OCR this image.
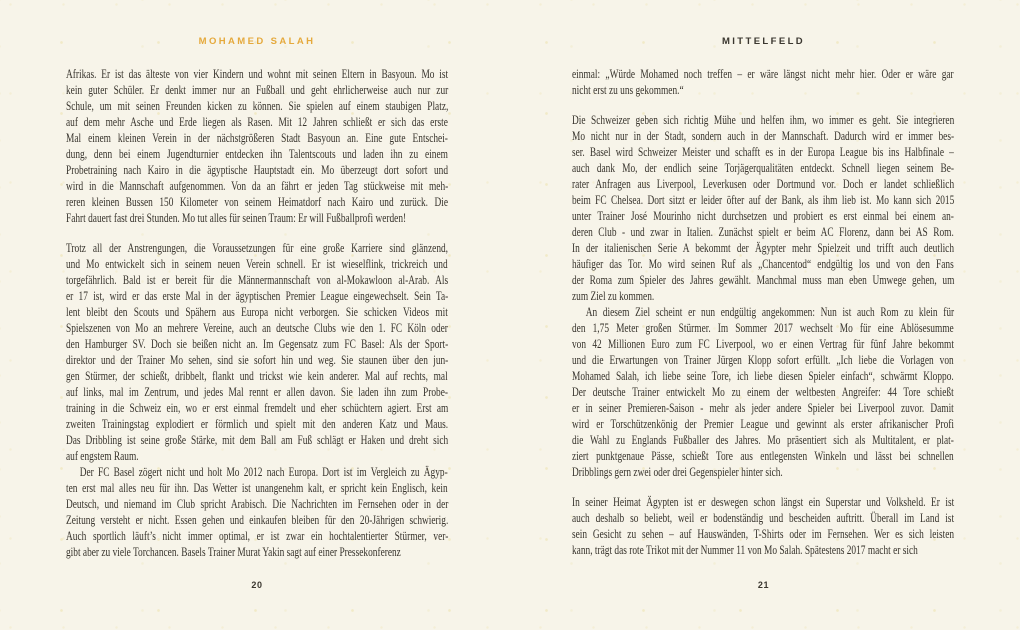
MOHAMED SALAH
Afrikas. Er ist das älteste von vier Kindern und wohnt mit seinen Eltern in Basyoun. Mo ist
kein guter Schüler. Er denkt immer nur an Fußball und geht ehrlicherweise auch nur zur
Schule, um mit seinen Freunden kicken zu können. Sie spielen auf einem staubigen Platz,
auf dem mehr Asche und Erde liegen als Rasen. Mit 12 Jahren schließt er sich das erste
Mal einem kleinen Verein in der nächstgrößeren Stadt Basyoun an. Eine gute Entschei-
dung, denn bei einem Jugendturnier entdecken ihn Talentscouts und laden ihn zu einem
Probetraining nach Kairo in die ägyptische Hauptstadt ein. Mo überzeugt dort sofort und
wird in die Mannschaft aufgenommen. Von da an fährt er jeden Tag stückweise mit meh-
reren kleinen Bussen 150 Kilometer von seinem Heimatdorf nach Kairo und zurück. Die
Fahrt dauert fast drei Stunden. Mo tut alles für seinen Traum: Er will Fußballprofi werden!
Trotz all der Anstrengungen, die Voraussetzungen für eine große Karriere sind glänzend,
und Mo entwickelt sich in seinem neuen Verein schnell. Er ist wieselflink, trickreich und
torgefährlich. Bald ist er bereit für die Männermannschaft von al-Mokawloon al-Arab. Als
er 17 ist, wird er das erste Mal in der ägyptischen Premier League eingewechselt. Sein Ta-
lent bleibt den Scouts und Spähern aus Europa nicht verborgen. Sie schicken Videos mit
Spielszenen von Mo an mehrere Vereine, auch an deutsche Clubs wie den 1. FC Köln oder
den Hamburger SV. Doch sie beißen nicht an. Im Gegensatz zum FC Basel: Als der Sport-
direktor und der Trainer Mo sehen, sind sie sofort hin und weg. Sie staunen über den jun-
gen Stürmer, der schießt, dribbelt, flankt und trickst wie kein anderer. Mal auf rechts, mal
auf links, mal im Zentrum, und jedes Mal rennt er allen davon. Sie laden ihn zum Probe-
training in die Schweiz ein, wo er erst einmal fremdelt und eher schüchtern agiert. Erst am
zweiten Trainingstag explodiert er förmlich und spielt mit den anderen Katz und Maus.
Das Dribbling ist seine große Stärke, mit dem Ball am Fuß schlägt er Haken und dreht sich
auf engstem Raum.
Der FC Basel zögert nicht und holt Mo 2012 nach Europa. Dort ist im Vergleich zu Ägyp-
ten erst mal alles neu für ihn. Das Wetter ist unangenehm kalt, er spricht kein Englisch, kein
Deutsch, und niemand im Club spricht Arabisch. Die Nachrichten im Fernsehen oder in der
Zeitung versteht er nicht. Essen gehen und einkaufen bleiben für den 20-Jährigen schwierig.
Auch sportlich läuft’s nicht immer optimal, er ist zwar ein hochtalentierter Stürmer, ver-
gibt aber zu viele Torchancen. Basels Trainer Murat Yakin sagt auf einer Pressekonferenz
20
MITTELFELD
einmal: „Würde Mohamed noch treffen – er wäre längst nicht mehr hier. Oder er wäre gar
nicht erst zu uns gekommen.“
Die Schweizer geben sich richtig Mühe und helfen ihm, wo immer es geht. Sie integrieren
Mo nicht nur in der Stadt, sondern auch in der Mannschaft. Dadurch wird er immer bes-
ser. Basel wird Schweizer Meister und schafft es in der Europa League bis ins Halbfinale –
auch dank Mo, der endlich seine Torjägerqualitäten entdeckt. Schnell liegen seinem Be-
rater Anfragen aus Liverpool, Leverkusen oder Dortmund vor. Doch er landet schließlich
beim FC Chelsea. Dort sitzt er leider öfter auf der Bank, als ihm lieb ist. Mo kann sich 2015
unter Trainer José Mourinho nicht durchsetzen und probiert es erst einmal bei einem an-
deren Club - und zwar in Italien. Zunächst spielt er beim AC Florenz, dann bei AS Rom.
In der italienischen Serie A bekommt der Ägypter mehr Spielzeit und trifft auch deutlich
häufiger das Tor. Mo wird seinen Ruf als „Chancentod“ endgültig los und von den Fans
der Roma zum Spieler des Jahres gewählt. Manchmal muss man eben Umwege gehen, um
zum Ziel zu kommen.
An diesem Ziel scheint er nun endgültig angekommen: Nun ist auch Rom zu klein für
den 1,75 Meter großen Stürmer. Im Sommer 2017 wechselt Mo für eine Ablösesumme
von 42 Millionen Euro zum FC Liverpool, wo er einen Vertrag für fünf Jahre bekommt
und die Erwartungen von Trainer Jürgen Klopp sofort erfüllt. „Ich liebe die Vorlagen von
Mohamed Salah, ich liebe seine Tore, ich liebe diesen Spieler einfach“, schwärmt Kloppo.
Der deutsche Trainer entwickelt Mo zu einem der weltbesten Angreifer: 44 Tore schießt
er in seiner Premieren-Saison - mehr als jeder andere Spieler bei Liverpool zuvor. Damit
wird er Torschützenkönig der Premier League und gewinnt als erster afrikanischer Profi
die Wahl zu Englands Fußballer des Jahres. Mo präsentiert sich als Multitalent, er plat-
ziert punktgenaue Pässe, schießt Tore aus entlegensten Winkeln und lässt bei schnellen
Dribblings gern zwei oder drei Gegenspieler hinter sich.
In seiner Heimat Ägypten ist er deswegen schon längst ein Superstar und Volksheld. Er ist
auch deshalb so beliebt, weil er bodenständig und bescheiden auftritt. Überall im Land ist
sein Gesicht zu sehen – auf Hauswänden, T-Shirts oder im Fernsehen. Wer es sich leisten
kann, trägt das rote Trikot mit der Nummer 11 von Mo Salah. Spätestens 2017 macht er sich
21
